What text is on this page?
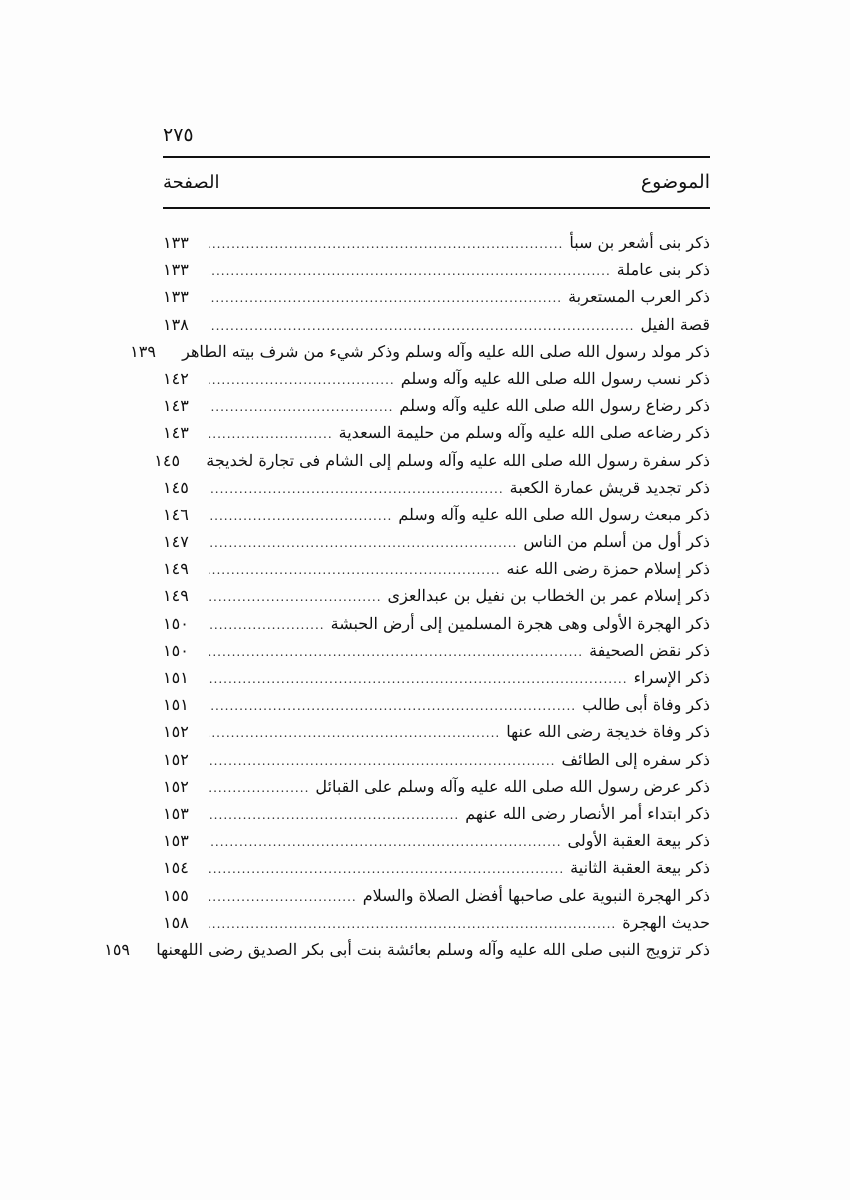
٢٧٥
الموضوع
الصفحة
ذكر بنى أشعر بن سبأ
.....
١٣٣
ذكر بنى عاملة
.....
١٣٣
ذكر العرب المستعربة
.....
١٣٣
قصة الفيل
.....
١٣٨
ذكر مولد رسول الله صلى الله عليه وآله وسلم وذكر شيء من شرف بيته الطاهر
١٣٩
ذكر نسب رسول الله صلى الله عليه وآله وسلم
.....
١٤٢
ذكر رضاع رسول الله صلى الله عليه وآله وسلم
.....
١٤٣
ذكر رضاعه صلى الله عليه وآله وسلم من حليمة السعدية
.....
١٤٣
ذكر سفرة رسول الله صلى الله عليه وآله وسلم إلى الشام فى تجارة لخديجة
١٤٥
ذكر تجديد قريش عمارة الكعبة
.....
١٤٥
ذكر مبعث رسول الله صلى الله عليه وآله وسلم
.....
١٤٦
ذكر أول من أسلم من الناس
.....
١٤٧
ذكر إسلام حمزة رضى الله عنه
.....
١٤٩
ذكر إسلام عمر بن الخطاب بن نفيل بن عبدالعزى
.....
١٤٩
ذكر الهجرة الأولى وهى هجرة المسلمين إلى أرض الحبشة
.....
١٥٠
ذكر نقض الصحيفة
.....
١٥٠
ذكر الإسراء
.....
١٥١
ذكر وفاة أبى طالب
.....
١٥١
ذكر وفاة خديجة رضى الله عنها
.....
١٥٢
ذكر سفره إلى الطائف
.....
١٥٢
ذكر عرض رسول الله صلى الله عليه وآله وسلم على القبائل
.....
١٥٢
ذكر ابتداء أمر الأنصار رضى الله عنهم
.....
١٥٣
ذكر بيعة العقبة الأولى
.....
١٥٣
ذكر بيعة العقبة الثانية
.....
١٥٤
ذكر الهجرة النبوية على صاحبها أفضل الصلاة والسلام
.....
١٥٥
حديث الهجرة
.....
١٥٨
ذكر تزويج النبى صلى الله عليه وآله وسلم بعائشة بنت أبى بكر الصديق رضى اللهعنها
١٥٩
